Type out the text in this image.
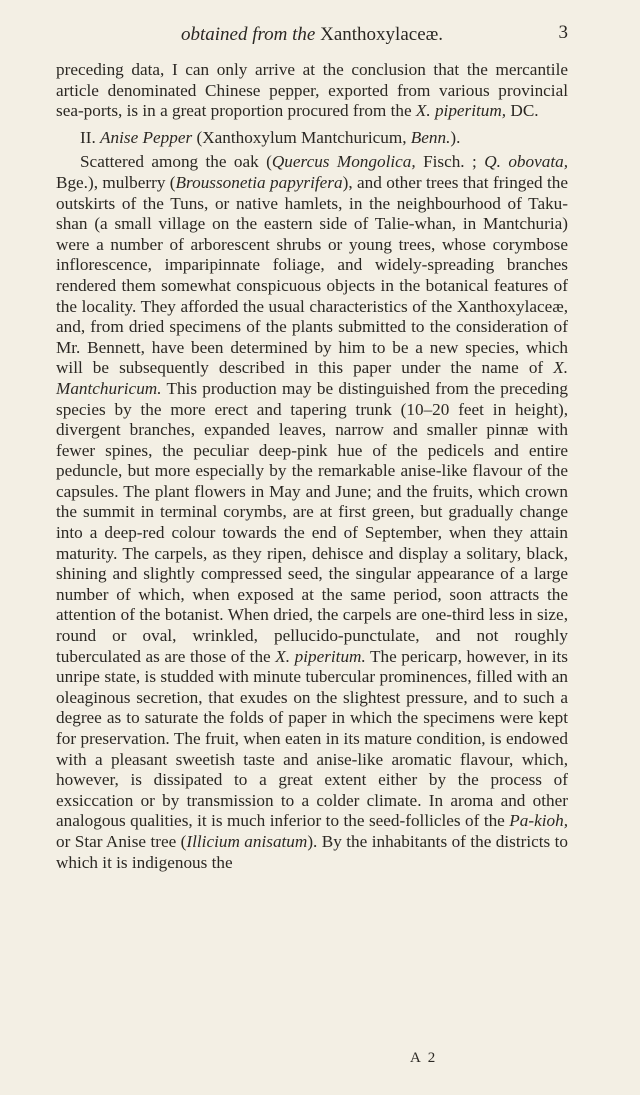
obtained from the Xanthoxylaceæ.	3

preceding data, I can only arrive at the conclusion that the mercantile article denominated Chinese pepper, exported from various provincial sea-ports, is in a great proportion procured from the X. piperitum, DC.

II. Anise Pepper (Xanthoxylum Mantchuricum, Benn.).

Scattered among the oak (Quercus Mongolica, Fisch. ; Q. obovata, Bge.), mulberry (Broussonetia papyrifera), and other trees that fringed the outskirts of the Tuns, or native hamlets, in the neighbourhood of Taku-shan (a small village on the eastern side of Talie-whan, in Mantchuria) were a number of arborescent shrubs or young trees, whose corymbose inflorescence, imparipinnate foliage, and widely-spreading branches rendered them somewhat conspicuous objects in the botanical features of the locality. They afforded the usual characteristics of the Xanthoxylaceæ, and, from dried specimens of the plants submitted to the consideration of Mr. Bennett, have been determined by him to be a new species, which will be subsequently described in this paper under the name of X. Mantchuricum. This production may be distinguished from the preceding species by the more erect and tapering trunk (10–20 feet in height), divergent branches, expanded leaves, narrow and smaller pinnæ with fewer spines, the peculiar deep-pink hue of the pedicels and entire peduncle, but more especially by the remarkable anise-like flavour of the capsules. The plant flowers in May and June; and the fruits, which crown the summit in terminal corymbs, are at first green, but gradually change into a deep-red colour towards the end of September, when they attain maturity. The carpels, as they ripen, dehisce and display a solitary, black, shining and slightly compressed seed, the singular appearance of a large number of which, when exposed at the same period, soon attracts the attention of the botanist. When dried, the carpels are one-third less in size, round or oval, wrinkled, pellucido-punctulate, and not roughly tuberculated as are those of the X. piperitum. The pericarp, however, in its unripe state, is studded with minute tubercular prominences, filled with an oleaginous secretion, that exudes on the slightest pressure, and to such a degree as to saturate the folds of paper in which the specimens were kept for preservation. The fruit, when eaten in its mature condition, is endowed with a pleasant sweetish taste and anise-like aromatic flavour, which, however, is dissipated to a great extent either by the process of exsiccation or by transmission to a colder climate. In aroma and other analogous qualities, it is much inferior to the seed-follicles of the Pa-kioh, or Star Anise tree (Illicium anisatum). By the inhabitants of the districts to which it is indigenous the

A 2
